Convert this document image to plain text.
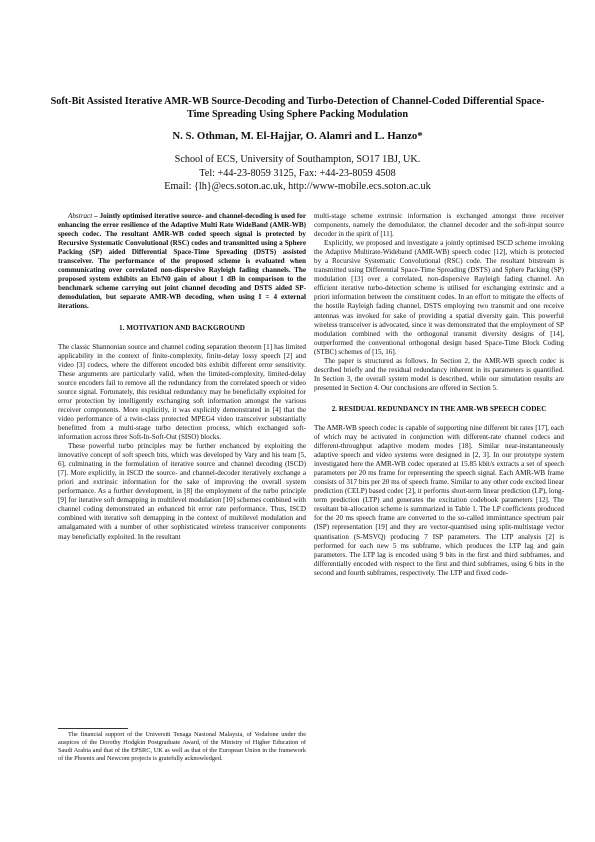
Soft-Bit Assisted Iterative AMR-WB Source-Decoding and Turbo-Detection of Channel-Coded Differential Space-Time Spreading Using Sphere Packing Modulation
N. S. Othman, M. El-Hajjar, O. Alamri and L. Hanzo*
School of ECS, University of Southampton, SO17 1BJ, UK.
Tel: +44-23-8059 3125, Fax: +44-23-8059 4508
Email: {lh}@ecs.soton.ac.uk, http://www-mobile.ecs.soton.ac.uk

Abstract – Jointly optimised iterative source- and channel-decoding is used for enhancing the error resilience of the Adaptive Multi Rate WideBand (AMR-WB) speech codec. The resultant AMR-WB coded speech signal is protected by Recursive Systematic Convolutional (RSC) codes and transmitted using a Sphere Packing (SP) aided Differential Space-Time Spreading (DSTS) assisted transceiver. The performance of the proposed scheme is evaluated when communicating over correlated non-dispersive Rayleigh fading channels. The proposed system exhibits an Eb/N0 gain of about 1 dB in comparison to the benchmark scheme carrying out joint channel decoding and DSTS aided SP-demodulation, but separate AMR-WB decoding, when using I = 4 external iterations.

1. MOTIVATION AND BACKGROUND

The classic Shannonian source and channel coding separation theorem [1] has limited applicability in the context of finite-complexity, finite-delay lossy speech [2] and video [3] codecs, where the different encoded bits exhibit different error sensitivity. These arguments are particularly valid, when the limited-complexity, limited-delay source encoders fail to remove all the redundancy from the correlated speech or video source signal. Fortunately, this residual redundancy may be beneficially exploited for error protection by intelligently exchanging soft information amongst the various receiver components. More explicitly, it was explicitly demonstrated in [4] that the video performance of a twin-class protected MPEG4 video transceiver substantially benefitted from a multi-stage turbo detection process, which exchanged soft-information across three Soft-In-Soft-Out (SISO) blocks.

These powerful turbo principles may be further enchanced by exploiting the innovative concept of soft speech bits, which was developed by Vary and his team [5, 6], culminating in the formulation of iterative source and channel decoding (ISCD) [7]. More explicitly, in ISCD the source- and channel-decoder iteratively exchange a priori and extrinsic information for the sake of improving the overall system performance. As a further development, in [8] the employment of the turbo principle [9] for iterative soft demapping in multilevel modulation [10] schemes combined with channel coding demonstrated an enhanced bit error rate performance. Thus, ISCD combined with iterative soft demapping in the context of multilevel modulation and amalgamated with a number of other sophisticated wireless transceiver components may beneficially exploited. In the resultant

The financial support of the Universiti Tenaga Nasional Malaysia, of Vodafone under the auspices of the Dorothy Hodgkin Postgraduate Award, of the Ministry of Higher Education of Saudi Arabia and that of the EPSRC, UK as well as that of the European Union in the framework of the Phoenix and Newcom projects is gratefully acknowledged.

multi-stage scheme extrinsic information is exchanged amongst three receiver components, namely the demodulator, the channel decoder and the soft-input source decoder in the spirit of [11].

Explicitly, we proposed and investigate a jointly optimised ISCD scheme invoking the Adaptive Multirate-Wideband (AMR-WB) speech codec [12], which is protected by a Recursive Systematic Convolutional (RSC) code. The resultant bitstream is transmitted using Differential Space-Time Spreading (DSTS) and Sphere Packing (SP) modulation [13] over a correlated, non-dispersive Rayleigh fading channel. An efficient iterative turbo-detection scheme is utilised for exchanging extrinsic and a priori information between the constituent codes. In an effort to mitigate the effects of the hostile Rayleigh fading channel, DSTS employing two transmit and one receive antennas was invoked for sake of providing a spatial diversity gain. This powerful wireless transceiver is advocated, since it was demonstrated that the employment of SP modulation combined with the orthogonal transmit diversity designs of [14], outperformed the conventional orthogonal design based Space-Time Block Coding (STBC) schemes of [15, 16].

The paper is structured as follows. In Section 2, the AMR-WB speech codec is described briefly and the residual redundancy inherent in its parameters is quantified. In Section 3, the overall system model is described, while our simulation results are presented in Section 4. Our conclusions are offered in Section 5.

2. RESIDUAL REDUNDANCY IN THE AMR-WB SPEECH CODEC

The AMR-WB speech codec is capable of supporting nine different bit rates [17], each of which may be activated in conjunction with different-rate channel codecs and different-throughput adaptive modem modes [18]. Similar near-instantaneously adaptive speech and video systems were designed in [2, 3]. In our prototype system investigated here the AMR-WB codec operated at 15.85 kbit/s extracts a set of speech parameters per 20 ms frame for representing the speech signal. Each AMR-WB frame consists of 317 bits per 20 ms of speech frame. Similar to any other code excited linear prediction (CELP) based codec [2], it performs short-term linear prediction (LP), long-term prediction (LTP) and generates the excitation codebook parameters [12]. The resultant bit-allocation scheme is summarized in Table 1. The LP coefficients produced for the 20 ms speech frame are converted to the so-called imminttance spectrum pair (ISP) representation [19] and they are vector-quantised using split-multistage vector quantisation (S-MSVQ) producing 7 ISP parameters. The LTP analysis [2] is performed for each new 5 ms subframe, which produces the LTP lag and gain parameters. The LTP lag is encoded using 9 bits in the first and third subframes, and differentially encoded with respect to the first and third subframes, using 6 bits in the second and fourth subframes, respectively. The LTP and fixed code-
